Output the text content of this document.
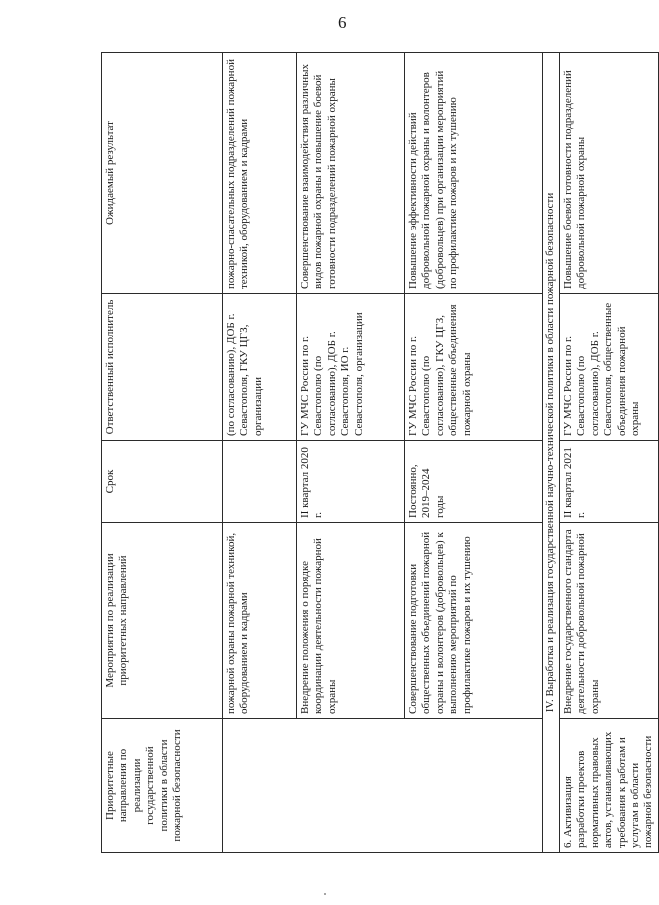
6
Приоритетные направления по реализации государственной политики в области пожарной безопасности	Мероприятия по реализации приоритетных направлений	Срок	Ответственный исполнитель	Ожидаемый результат
	пожарной охраны пожарной техникой, оборудованием и кадрами		(по согласованию), ДОБ г. Севастополя, ГКУ ЦГЗ, организации	пожарно-спасательных подразделений пожарной техникой, оборудованием и кадрами
	Внедрение положения о порядке координации деятельности пожарной охраны	II квартал 2020 г.	ГУ МЧС России по г. Севастополю (по согласованию), ДОБ г. Севастополя, ИО г. Севастополя, организации	Совершенствование взаимодействия различных видов пожарной охраны и повышение боевой готовности подразделений пожарной охраны
	Совершенствование подготовки общественных объединений пожарной охраны и волонтеров (добровольцев) к выполнению мероприятий по профилактике пожаров и их тушению	Постоянно, 2019–2024 годы	ГУ МЧС России по г. Севастополю (по согласованию), ГКУ ЦГЗ, общественные объединения пожарной охраны	Повышение эффективности действий добровольной пожарной охраны и волонтеров (добровольцев) при организации мероприятий по профилактике пожаров и их тушению
IV. Выработка и реализация государственной научно-технической политики в области пожарной безопасности				
6. Активизация разработки проектов нормативных правовых актов, устанавливающих требования к работам и услугам в области пожарной безопасности	Внедрение государственного стандарта деятельности добровольной пожарной охраны	II квартал 2021 г.	ГУ МЧС России по г. Севастополю (по согласованию), ДОБ г. Севастополя, общественные объединения пожарной охраны	Повышение боевой готовности подразделений добровольной пожарной охраны
